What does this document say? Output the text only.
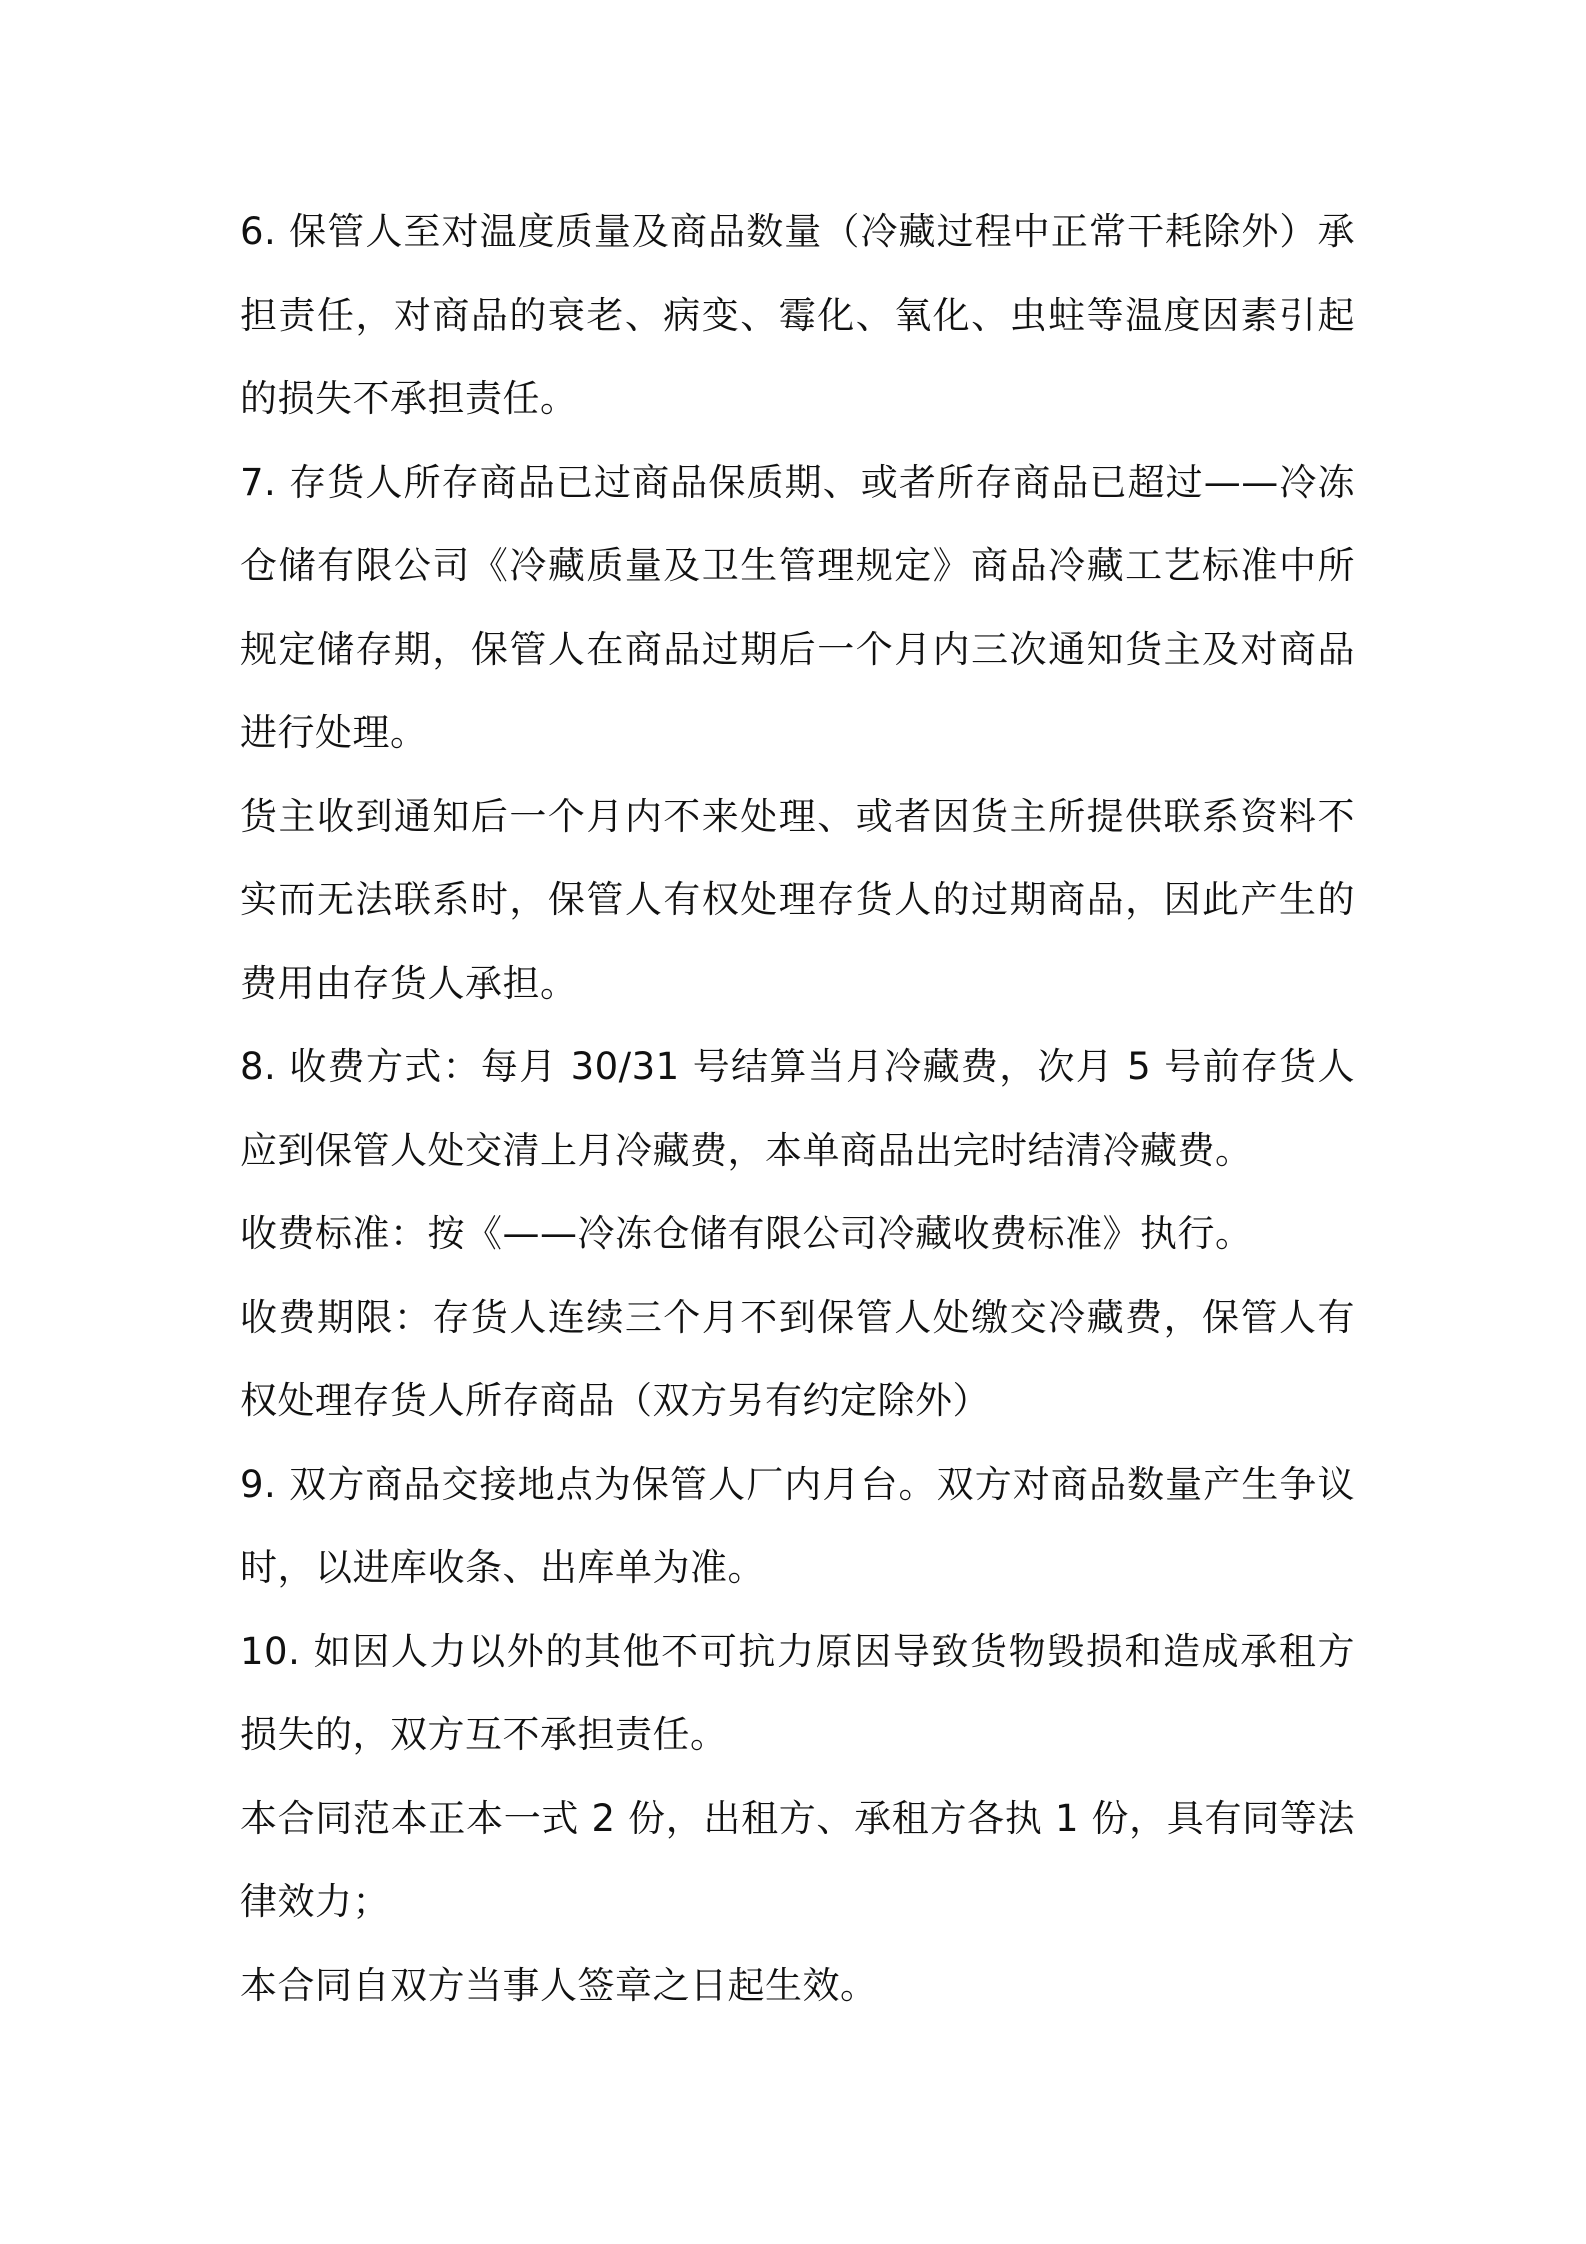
6. 保管人至对温度质量及商品数量（冷藏过程中正常干耗除外）承担责任，对商品的衰老、病变、霉化、氧化、虫蛀等温度因素引起的损失不承担责任。

7. 存货人所存商品已过商品保质期、或者所存商品已超过——冷冻仓储有限公司《冷藏质量及卫生管理规定》商品冷藏工艺标准中所规定储存期，保管人在商品过期后一个月内三次通知货主及对商品进行处理。

货主收到通知后一个月内不来处理、或者因货主所提供联系资料不实而无法联系时，保管人有权处理存货人的过期商品，因此产生的费用由存货人承担。

8. 收费方式：每月 30/31 号结算当月冷藏费，次月 5 号前存货人应到保管人处交清上月冷藏费，本单商品出完时结清冷藏费。

收费标准：按《——冷冻仓储有限公司冷藏收费标准》执行。

收费期限：存货人连续三个月不到保管人处缴交冷藏费，保管人有权处理存货人所存商品（双方另有约定除外）

9. 双方商品交接地点为保管人厂内月台。双方对商品数量产生争议时，以进库收条、出库单为准。

10. 如因人力以外的其他不可抗力原因导致货物毁损和造成承租方损失的，双方互不承担责任。

本合同范本正本一式 2 份，出租方、承租方各执 1 份，具有同等法律效力；

本合同自双方当事人签章之日起生效。
